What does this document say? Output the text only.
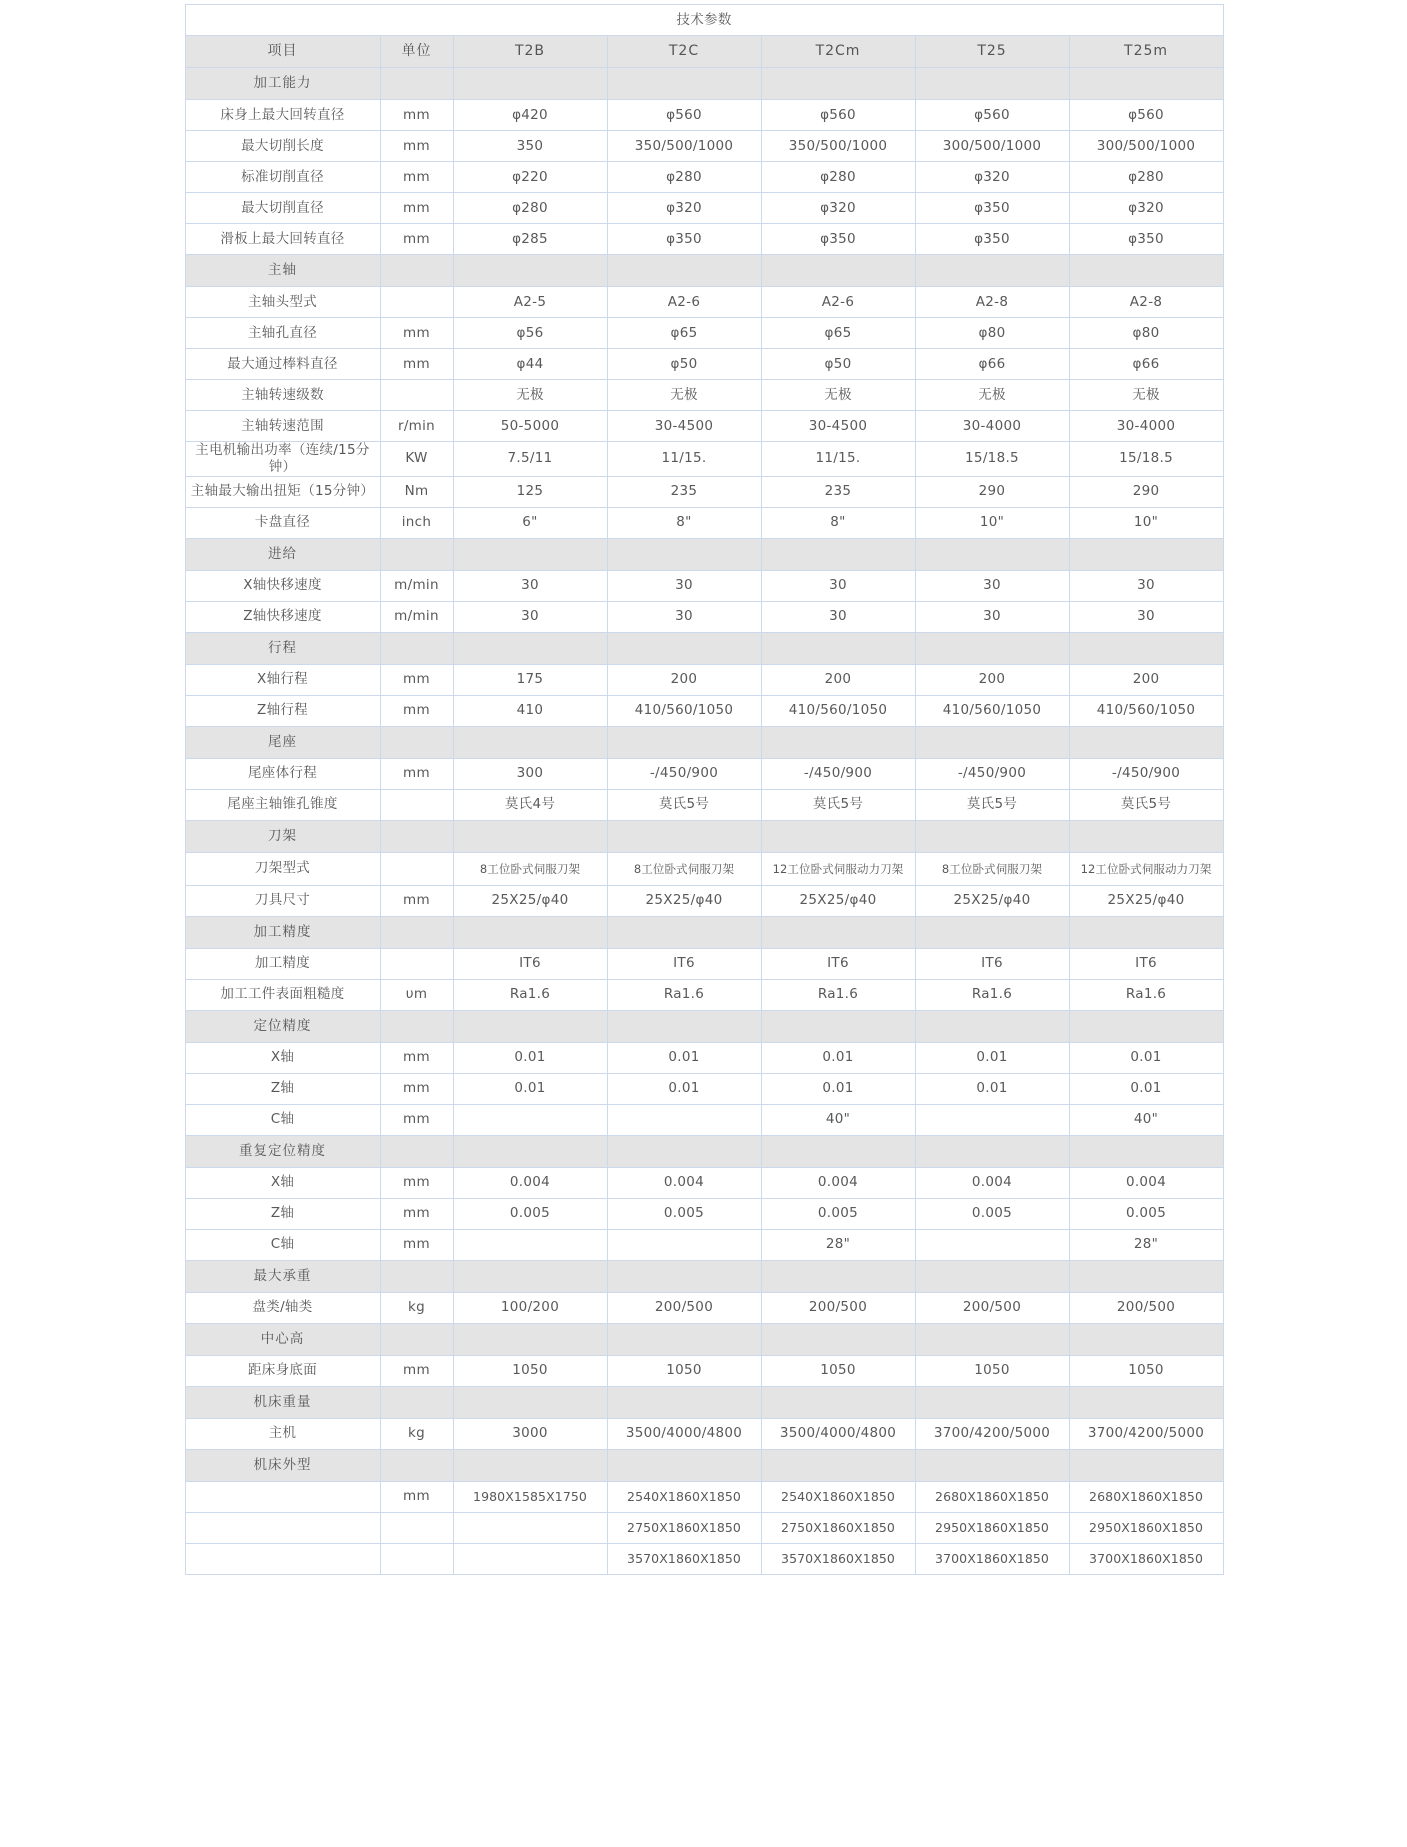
技术参数						
项目	单位	T2B	T2C	T2Cm	T25	T25m
加工能力						
床身上最大回转直径	mm	φ420	φ560	φ560	φ560	φ560
最大切削长度	mm	350	350/500/1000	350/500/1000	300/500/1000	300/500/1000
标准切削直径	mm	φ220	φ280	φ280	φ320	φ280
最大切削直径	mm	φ280	φ320	φ320	φ350	φ320
滑板上最大回转直径	mm	φ285	φ350	φ350	φ350	φ350
主轴						
主轴头型式		A2-5	A2-6	A2-6	A2-8	A2-8
主轴孔直径	mm	φ56	φ65	φ65	φ80	φ80
最大通过棒料直径	mm	φ44	φ50	φ50	φ66	φ66
主轴转速级数		无极	无极	无极	无极	无极
主轴转速范围	r/min	50-5000	30-4500	30-4500	30-4000	30-4000
主电机输出功率（连续/15分钟）	KW	7.5/11	11/15.	11/15.	15/18.5	15/18.5
主轴最大输出扭矩（15分钟）	Nm	125	235	235	290	290
卡盘直径	inch	6"	8"	8"	10"	10"
进给						
X轴快移速度	m/min	30	30	30	30	30
Z轴快移速度	m/min	30	30	30	30	30
行程						
X轴行程	mm	175	200	200	200	200
Z轴行程	mm	410	410/560/1050	410/560/1050	410/560/1050	410/560/1050
尾座						
尾座体行程	mm	300	-/450/900	-/450/900	-/450/900	-/450/900
尾座主轴锥孔锥度		莫氏4号	莫氏5号	莫氏5号	莫氏5号	莫氏5号
刀架						
刀架型式		8工位卧式伺服刀架	8工位卧式伺服刀架	12工位卧式伺服动力刀架	8工位卧式伺服刀架	12工位卧式伺服动力刀架
刀具尺寸	mm	25X25/φ40	25X25/φ40	25X25/φ40	25X25/φ40	25X25/φ40
加工精度						
加工精度		IT6	IT6	IT6	IT6	IT6
加工工件表面粗糙度	υm	Ra1.6	Ra1.6	Ra1.6	Ra1.6	Ra1.6
定位精度						
X轴	mm	0.01	0.01	0.01	0.01	0.01
Z轴	mm	0.01	0.01	0.01	0.01	0.01
C轴	mm			40"		40"
重复定位精度						
X轴	mm	0.004	0.004	0.004	0.004	0.004
Z轴	mm	0.005	0.005	0.005	0.005	0.005
C轴	mm			28"		28"
最大承重						
盘类/轴类	kg	100/200	200/500	200/500	200/500	200/500
中心高						
距床身底面	mm	1050	1050	1050	1050	1050
机床重量						
主机	kg	3000	3500/4000/4800	3500/4000/4800	3700/4200/5000	3700/4200/5000
机床外型						
	mm	1980X1585X1750	2540X1860X1850	2540X1860X1850	2680X1860X1850	2680X1860X1850
			2750X1860X1850	2750X1860X1850	2950X1860X1850	2950X1860X1850
			3570X1860X1850	3570X1860X1850	3700X1860X1850	3700X1860X1850
